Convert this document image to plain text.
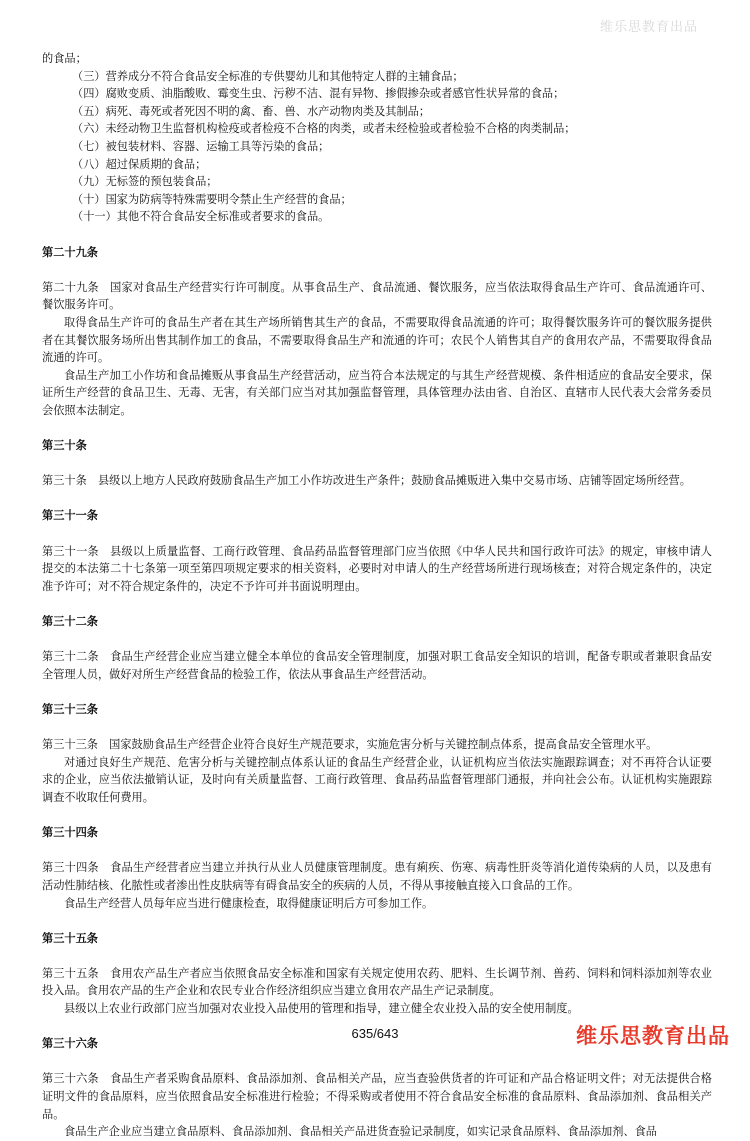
维乐思教育出品

的食品；

（三）营养成分不符合食品安全标准的专供婴幼儿和其他特定人群的主辅食品；

（四）腐败变质、油脂酸败、霉变生虫、污秽不洁、混有异物、掺假掺杂或者感官性状异常的食品；

（五）病死、毒死或者死因不明的禽、畜、兽、水产动物肉类及其制品；

（六）未经动物卫生监督机构检疫或者检疫不合格的肉类，或者未经检验或者检验不合格的肉类制品；

（七）被包装材料、容器、运输工具等污染的食品；

（八）超过保质期的食品；

（九）无标签的预包装食品；

（十）国家为防病等特殊需要明令禁止生产经营的食品；

（十一）其他不符合食品安全标准或者要求的食品。

第二十九条

第二十九条　国家对食品生产经营实行许可制度。从事食品生产、食品流通、餐饮服务，应当依法取得食品生产许可、食品流通许可、餐饮服务许可。

取得食品生产许可的食品生产者在其生产场所销售其生产的食品，不需要取得食品流通的许可；取得餐饮服务许可的餐饮服务提供者在其餐饮服务场所出售其制作加工的食品，不需要取得食品生产和流通的许可；农民个人销售其自产的食用农产品，不需要取得食品流通的许可。

食品生产加工小作坊和食品摊贩从事食品生产经营活动，应当符合本法规定的与其生产经营规模、条件相适应的食品安全要求，保证所生产经营的食品卫生、无毒、无害，有关部门应当对其加强监督管理，具体管理办法由省、自治区、直辖市人民代表大会常务委员会依照本法制定。

第三十条

第三十条　县级以上地方人民政府鼓励食品生产加工小作坊改进生产条件；鼓励食品摊贩进入集中交易市场、店铺等固定场所经营。

第三十一条

第三十一条　县级以上质量监督、工商行政管理、食品药品监督管理部门应当依照《中华人民共和国行政许可法》的规定，审核申请人提交的本法第二十七条第一项至第四项规定要求的相关资料，必要时对申请人的生产经营场所进行现场核查；对符合规定条件的，决定准予许可；对不符合规定条件的，决定不予许可并书面说明理由。

第三十二条

第三十二条　食品生产经营企业应当建立健全本单位的食品安全管理制度，加强对职工食品安全知识的培训，配备专职或者兼职食品安全管理人员，做好对所生产经营食品的检验工作，依法从事食品生产经营活动。

第三十三条

第三十三条　国家鼓励食品生产经营企业符合良好生产规范要求，实施危害分析与关键控制点体系，提高食品安全管理水平。

对通过良好生产规范、危害分析与关键控制点体系认证的食品生产经营企业，认证机构应当依法实施跟踪调查；对不再符合认证要求的企业，应当依法撤销认证，及时向有关质量监督、工商行政管理、食品药品监督管理部门通报，并向社会公布。认证机构实施跟踪调查不收取任何费用。

第三十四条

第三十四条　食品生产经营者应当建立并执行从业人员健康管理制度。患有痢疾、伤寒、病毒性肝炎等消化道传染病的人员，以及患有活动性肺结核、化脓性或者渗出性皮肤病等有碍食品安全的疾病的人员，不得从事接触直接入口食品的工作。

食品生产经营人员每年应当进行健康检查，取得健康证明后方可参加工作。

第三十五条

第三十五条　食用农产品生产者应当依照食品安全标准和国家有关规定使用农药、肥料、生长调节剂、兽药、饲料和饲料添加剂等农业投入品。食用农产品的生产企业和农民专业合作经济组织应当建立食用农产品生产记录制度。

县级以上农业行政部门应当加强对农业投入品使用的管理和指导，建立健全农业投入品的安全使用制度。

第三十六条

第三十六条　食品生产者采购食品原料、食品添加剂、食品相关产品，应当查验供货者的许可证和产品合格证明文件；对无法提供合格证明文件的食品原料，应当依照食品安全标准进行检验；不得采购或者使用不符合食品安全标准的食品原料、食品添加剂、食品相关产品。

食品生产企业应当建立食品原料、食品添加剂、食品相关产品进货查验记录制度，如实记录食品原料、食品添加剂、食品

635/643	维乐思教育出品
